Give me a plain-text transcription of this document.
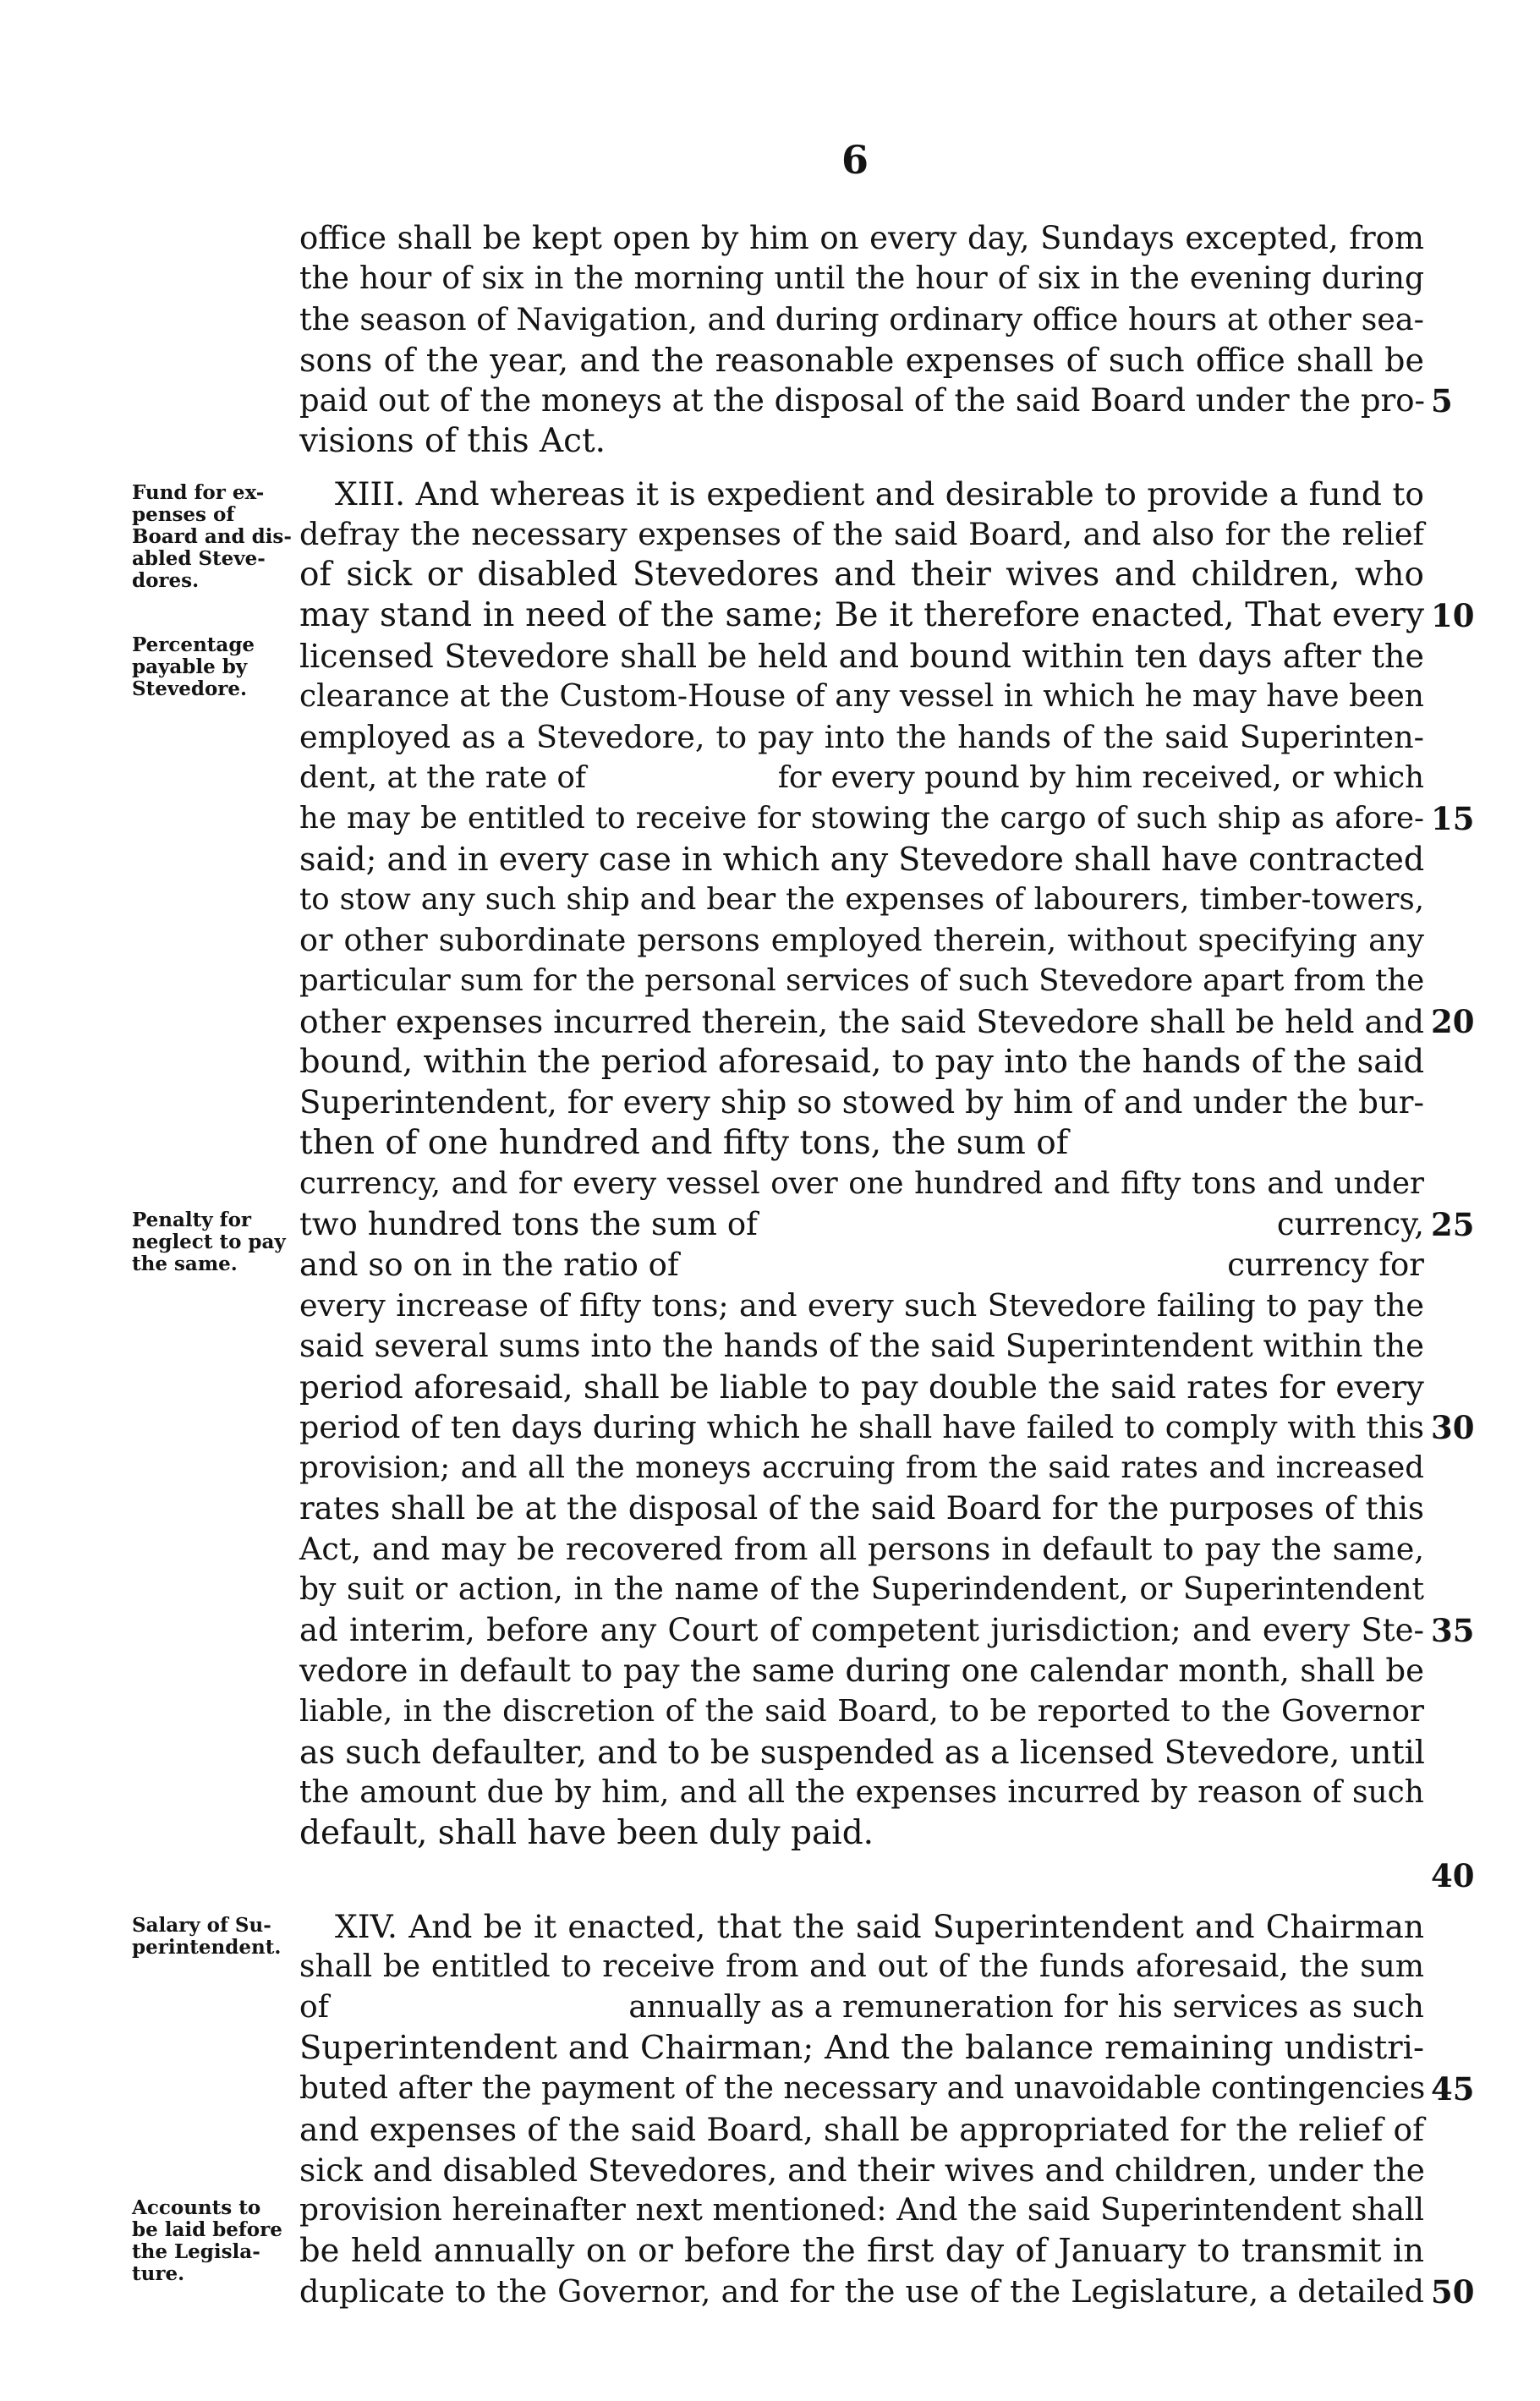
6
office shall be kept open by him on every day, Sundays excepted, from
the hour of six in the morning until the hour of six in the evening during
the season of Navigation, and during ordinary office hours at other sea-
sons of the year, and the reasonable expenses of such office shall be
paid out of the moneys at the disposal of the said Board under the pro-
visions of this Act.
XIII. And whereas it is expedient and desirable to provide a fund to
defray the necessary expenses of the said Board, and also for the relief
of sick or disabled Stevedores and their wives and children, who
may stand in need of the same; Be it therefore enacted, That every
licensed Stevedore shall be held and bound within ten days after the
clearance at the Custom-House of any vessel in which he may have been
employed as a Stevedore, to pay into the hands of the said Superinten-
dent, at the rate of                    for every pound by him received, or which
he may be entitled to receive for stowing the cargo of such ship as afore-
said; and in every case in which any Stevedore shall have contracted
to stow any such ship and bear the expenses of labourers, timber-towers,
or other subordinate persons employed therein, without specifying any
particular sum for the personal services of such Stevedore apart from the
other expenses incurred therein, the said Stevedore shall be held and
bound, within the period aforesaid, to pay into the hands of the said
Superintendent, for every ship so stowed by him of and under the bur-
then of one hundred and fifty tons, the sum of
currency, and for every vessel over one hundred and fifty tons and under
two hundred tons the sum of                                                   currency,
and so on in the ratio of                                                       currency for
every increase of fifty tons; and every such Stevedore failing to pay the
said several sums into the hands of the said Superintendent within the
period aforesaid, shall be liable to pay double the said rates for every
period of ten days during which he shall have failed to comply with this
provision; and all the moneys accruing from the said rates and increased
rates shall be at the disposal of the said Board for the purposes of this
Act, and may be recovered from all persons in default to pay the same,
by suit or action, in the name of the Superindendent, or Superintendent
ad interim, before any Court of competent jurisdiction; and every Ste-
vedore in default to pay the same during one calendar month, shall be
liable, in the discretion of the said Board, to be reported to the Governor
as such defaulter, and to be suspended as a licensed Stevedore, until
the amount due by him, and all the expenses incurred by reason of such
default, shall have been duly paid.
XIV. And be it enacted, that the said Superintendent and Chairman
shall be entitled to receive from and out of the funds aforesaid, the sum
of                              annually as a remuneration for his services as such
Superintendent and Chairman; And the balance remaining undistri-
buted after the payment of the necessary and unavoidable contingencies
and expenses of the said Board, shall be appropriated for the relief of
sick and disabled Stevedores, and their wives and children, under the
provision hereinafter next mentioned: And the said Superintendent shall
be held annually on or before the first day of January to transmit in
duplicate to the Governor, and for the use of the Legislature, a detailed
5
10
15
20
25
30
35
40
45
50
Fund for ex-
penses of
Board and dis-
abled Steve-
dores.
Percentage
payable by
Stevedore.
Penalty for
neglect to pay
the same.
Salary of Su-
perintendent.
Accounts to
be laid before
the Legisla-
ture.
